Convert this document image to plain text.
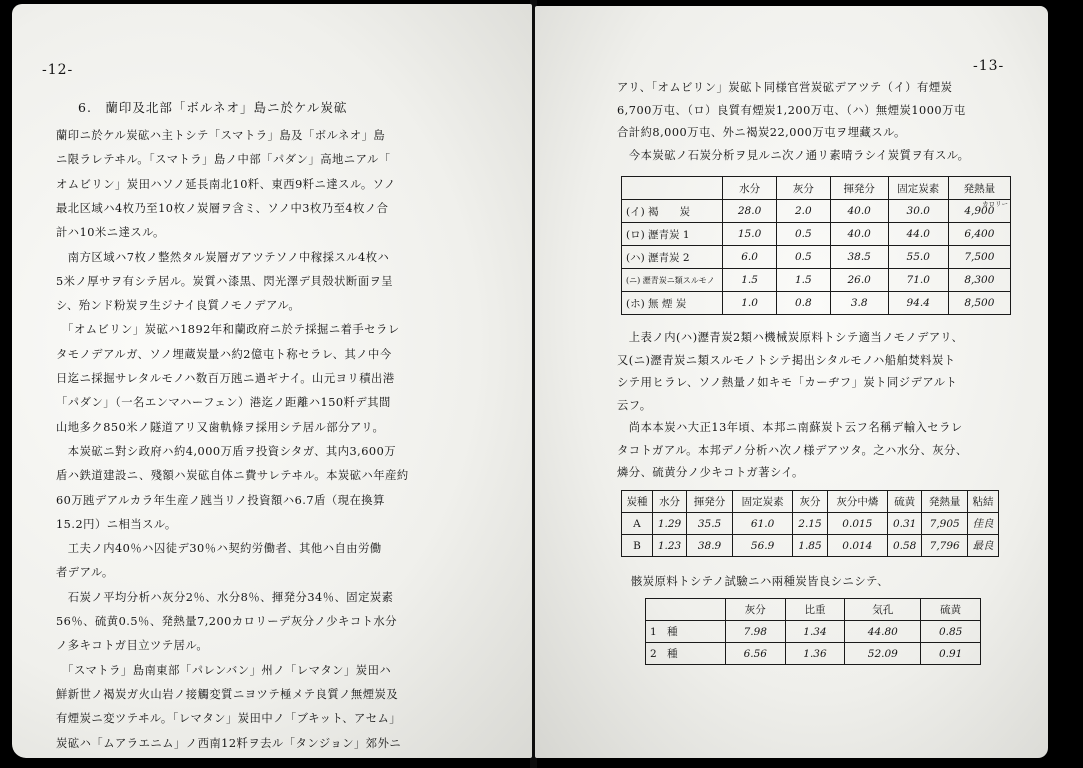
-12-
6.　蘭印及北部「ボルネオ」島ニ於ケル炭砿
蘭印ニ於ケル炭砿ハ主トシテ「スマトラ」島及「ボルネオ」島
ニ限ラレテヰル。「スマトラ」島ノ中部「パダン」高地ニアル「
オムビリン」炭田ハソノ延長南北10粁、東西9粁ニ達スル。ソノ
最北区域ハ4枚乃至10枚ノ炭層ヲ含ミ、ソノ中3枚乃至4枚ノ合
計ハ10米ニ達スル。
　南方区域ハ7枚ノ整然タル炭層ガアツテソノ中稼採スル4枚ハ
5米ノ厚サヲ有シテ居ル。炭質ハ漆黒、閃光澤デ貝殻状断面ヲ呈
シ、殆ンド粉炭ヲ生ジナイ良質ノモノデアル。
　「オムビリン」炭砿ハ1892年和蘭政府ニ於テ採掘ニ着手セラレ
タモノデアルガ、ソノ埋蔵炭量ハ約2億屯ト称セラレ、其ノ中今
日迄ニ採掘サレタルモノハ数百万瓲ニ過ギナイ。山元ヨリ積出港
「パダン」（一名エンマハーフェン）港迄ノ距離ハ150粁デ其間
山地多ク850米ノ隧道アリ又歯軌條ヲ採用シテ居ル部分アリ。
　本炭砿ニ對シ政府ハ約4,000万盾ヲ投資シタガ、其内3,600万
盾ハ鉄道建設ニ、殘額ハ炭砿自体ニ費サレテヰル。本炭砿ハ年産約
60万瓲デアルカラ年生産ノ瓲当リノ投資額ハ6.7盾（現在換算
15.2円）ニ相当スル。
　工夫ノ内40％ハ囚徒デ30％ハ契約労働者、其他ハ自由労働
者デアル。
　石炭ノ平均分析ハ灰分2％、水分8％、揮発分34％、固定炭素
56％、硫黄0.5％、発熱量7,200カロリーデ灰分ノ少キコト水分
ノ多キコトガ目立ツテ居ル。
　「スマトラ」島南東部「パレンバン」州ノ「レマタン」炭田ハ
鮮新世ノ褐炭ガ火山岩ノ接觸変質ニヨツテ極メテ良質ノ無煙炭及
有煙炭ニ変ツテヰル。「レマタン」炭田中ノ「ブキット、アセム」
炭砿ハ「ムアラエニム」ノ西南12粁ヲ去ル「タンジョン」郊外ニ
-13-
アリ、「オムビリン」炭砿ト同様官営炭砿デアツテ（イ）有煙炭
6,700万屯、（ロ）良質有煙炭1,200万屯、（ハ）無煙炭1000万屯
合計約8,000万屯、外ニ褐炭22,000万屯ヲ埋藏スル。
　今本炭砿ノ石炭分析ヲ見ルニ次ノ通リ素晴ラシイ炭質ヲ有スル。
	水分	灰分	揮発分	固定炭素	発熱量
カロリー

(イ) 褐　　炭	28.0	2.0	40.0	30.0	4,900
(ロ) 瀝青炭 1	15.0	0.5	40.0	44.0	6,400
(ハ) 瀝青炭 2	6.0	0.5	38.5	55.0	7,500
(ニ) 瀝青炭ニ類スルモノ	1.5	1.5	26.0	71.0	8,300
(ホ) 無 煙 炭	1.0	0.8	3.8	94.4	8,500
　上表ノ内(ハ)瀝青炭2類ハ機械炭原料トシテ適当ノモノデアリ、
又(ニ)瀝青炭ニ類スルモノトシテ掲出シタルモノハ船舶焚料炭ト
シテ用ヒラレ、ソノ熱量ノ如キモ「カーヂフ」炭ト同ジデアルト
云フ。
　尚本本炭ハ大正13年頃、本邦ニ南蘇炭ト云フ名稱デ輸入セラレ
タコトガアル。本邦デノ分析ハ次ノ様デアツタ。之ハ水分、灰分、
燐分、硫黄分ノ少キコトガ著シイ。
炭種	水分	揮発分	固定炭素	灰分	灰分中燐	硫黄	発熱量	粘結
A	1.29	35.5	61.0	2.15	0.015	0.31	7,905	佳良
B	1.23	38.9	56.9	1.85	0.014	0.58	7,796	最良
骸炭原料トシテノ試驗ニハ兩種炭皆良シニシテ、
	灰分	比重	気孔	硫黄
1　種	7.98	1.34	44.80	0.85
2　種	6.56	1.36	52.09	0.91
